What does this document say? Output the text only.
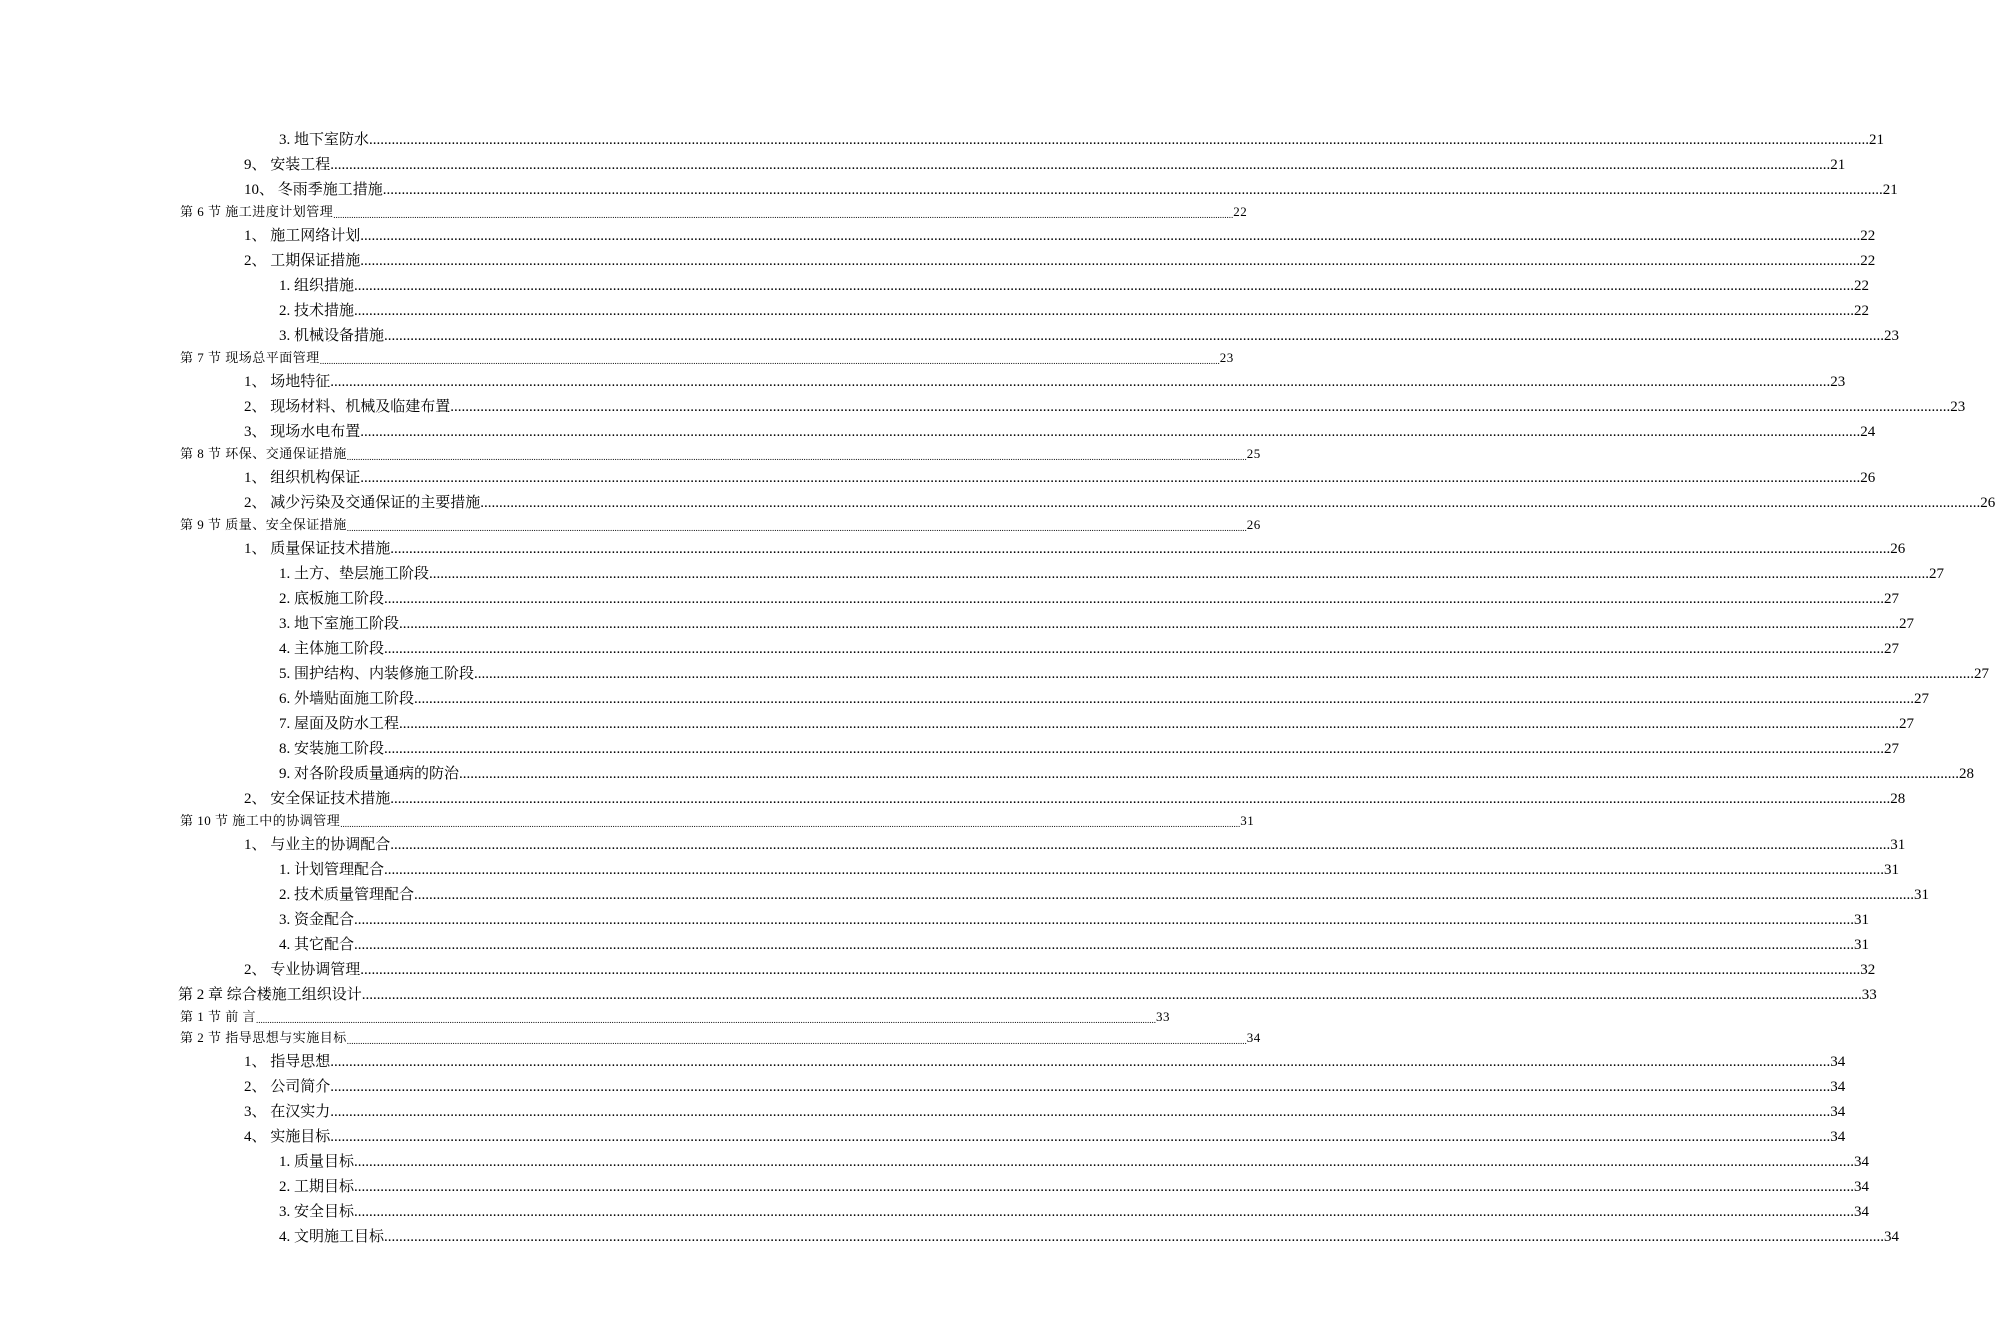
3. 地下室防水 ................................................................................................................................................................................................................................................................................................................................................................................................................ 21
9、 安装工程 ................................................................................................................................................................................................................................................................................................................................................................................................................ 21
10、 冬雨季施工措施 ................................................................................................................................................................................................................................................................................................................................................................................................................ 21
第 6 节 施工进度计划管理 ................................................................................................................................................................................................................................................................................................................................................................................................................ 22
1、 施工网络计划 ................................................................................................................................................................................................................................................................................................................................................................................................................ 22
2、 工期保证措施 ................................................................................................................................................................................................................................................................................................................................................................................................................ 22
1. 组织措施 ................................................................................................................................................................................................................................................................................................................................................................................................................ 22
2. 技术措施 ................................................................................................................................................................................................................................................................................................................................................................................................................ 22
3. 机械设备措施 ................................................................................................................................................................................................................................................................................................................................................................................................................ 23
第 7 节 现场总平面管理 ................................................................................................................................................................................................................................................................................................................................................................................................................ 23
1、 场地特征 ................................................................................................................................................................................................................................................................................................................................................................................................................ 23
2、 现场材料、机械及临建布置 ................................................................................................................................................................................................................................................................................................................................................................................................................ 23
3、 现场水电布置 ................................................................................................................................................................................................................................................................................................................................................................................................................ 24
第 8 节 环保、交通保证措施 ................................................................................................................................................................................................................................................................................................................................................................................................................ 25
1、 组织机构保证 ................................................................................................................................................................................................................................................................................................................................................................................................................ 26
2、 减少污染及交通保证的主要措施 ................................................................................................................................................................................................................................................................................................................................................................................................................ 26
第 9 节 质量、安全保证措施 ................................................................................................................................................................................................................................................................................................................................................................................................................ 26
1、 质量保证技术措施 ................................................................................................................................................................................................................................................................................................................................................................................................................ 26
1. 土方、垫层施工阶段 ................................................................................................................................................................................................................................................................................................................................................................................................................ 27
2. 底板施工阶段 ................................................................................................................................................................................................................................................................................................................................................................................................................ 27
3. 地下室施工阶段 ................................................................................................................................................................................................................................................................................................................................................................................................................ 27
4. 主体施工阶段 ................................................................................................................................................................................................................................................................................................................................................................................................................ 27
5. 围护结构、内装修施工阶段 ................................................................................................................................................................................................................................................................................................................................................................................................................ 27
6. 外墙贴面施工阶段 ................................................................................................................................................................................................................................................................................................................................................................................................................ 27
7. 屋面及防水工程 ................................................................................................................................................................................................................................................................................................................................................................................................................ 27
8. 安装施工阶段 ................................................................................................................................................................................................................................................................................................................................................................................................................ 27
9. 对各阶段质量通病的防治 ................................................................................................................................................................................................................................................................................................................................................................................................................ 28
2、 安全保证技术措施 ................................................................................................................................................................................................................................................................................................................................................................................................................ 28
第 10 节 施工中的协调管理 ................................................................................................................................................................................................................................................................................................................................................................................................................ 31
1、 与业主的协调配合 ................................................................................................................................................................................................................................................................................................................................................................................................................ 31
1. 计划管理配合 ................................................................................................................................................................................................................................................................................................................................................................................................................ 31
2. 技术质量管理配合 ................................................................................................................................................................................................................................................................................................................................................................................................................ 31
3. 资金配合 ................................................................................................................................................................................................................................................................................................................................................................................................................ 31
4. 其它配合 ................................................................................................................................................................................................................................................................................................................................................................................................................ 31
2、 专业协调管理 ................................................................................................................................................................................................................................................................................................................................................................................................................ 32
第 2 章 综合楼施工组织设计 ................................................................................................................................................................................................................................................................................................................................................................................................................ 33
第 1 节 前 言 ................................................................................................................................................................................................................................................................................................................................................................................................................ 33
第 2 节 指导思想与实施目标 ................................................................................................................................................................................................................................................................................................................................................................................................................ 34
1、 指导思想 ................................................................................................................................................................................................................................................................................................................................................................................................................ 34
2、 公司简介 ................................................................................................................................................................................................................................................................................................................................................................................................................ 34
3、 在汉实力 ................................................................................................................................................................................................................................................................................................................................................................................................................ 34
4、 实施目标 ................................................................................................................................................................................................................................................................................................................................................................................................................ 34
1. 质量目标 ................................................................................................................................................................................................................................................................................................................................................................................................................ 34
2. 工期目标 ................................................................................................................................................................................................................................................................................................................................................................................................................ 34
3. 安全目标 ................................................................................................................................................................................................................................................................................................................................................................................................................ 34
4. 文明施工目标 ................................................................................................................................................................................................................................................................................................................................................................................................................ 34
